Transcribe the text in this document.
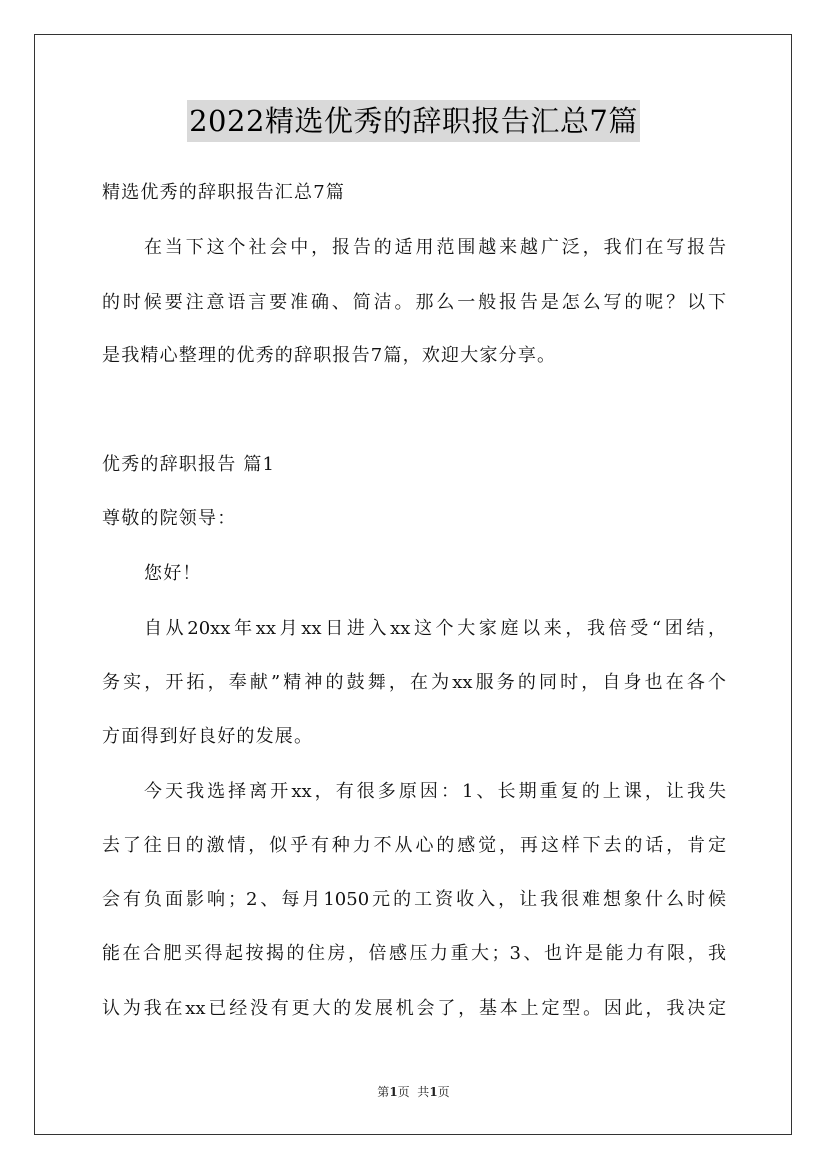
2022精选优秀的辞职报告汇总7篇
精选优秀的辞职报告汇总7篇
在当下这个社会中，报告的适用范围越来越广泛，我们在写报告
的时候要注意语言要准确、简洁。那么一般报告是怎么写的呢？以下
是我精心整理的优秀的辞职报告7篇，欢迎大家分享。
优秀的辞职报告 篇1
尊敬的院领导：
您好！
自从20xx年xx月xx日进入xx这个大家庭以来，我倍受“团结，
务实，开拓，奉献”精神的鼓舞，在为xx服务的同时，自身也在各个
方面得到好良好的发展。
今天我选择离开xx，有很多原因：1、长期重复的上课，让我失
去了往日的激情，似乎有种力不从心的感觉，再这样下去的话，肯定
会有负面影响；2、每月1050元的工资收入，让我很难想象什么时候
能在合肥买得起按揭的住房，倍感压力重大；3、也许是能力有限，我
认为我在xx已经没有更大的发展机会了，基本上定型。因此，我决定
第1页  共1页
